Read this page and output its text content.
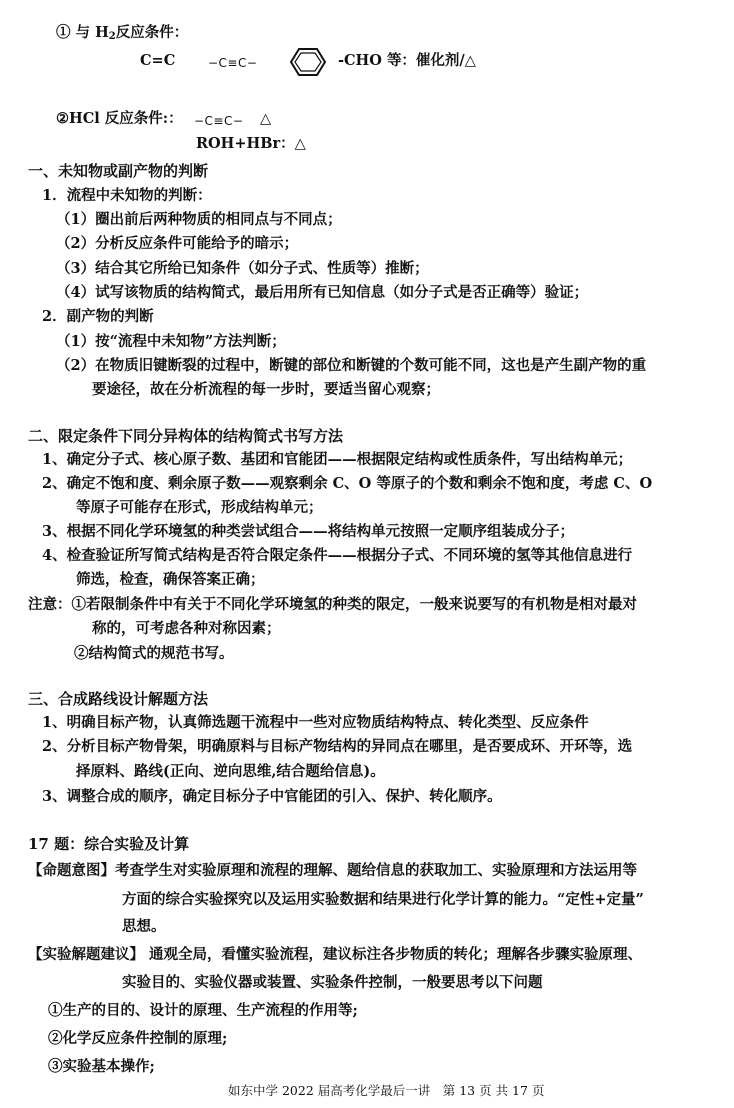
① 与 $H_2$反应条件：
C=C	−C≡C−	-CHO 等：催化剂/△
②HCl 反应条件:： −C≡C− △
ROH+HBr：△
一、未知物或副产物的判断
1．流程中未知物的判断：
（1）圈出前后两种物质的相同点与不同点；
（2）分析反应条件可能给予的暗示；
（3）结合其它所给已知条件（如分子式、性质等）推断；
（4）试写该物质的结构简式，最后用所有已知信息（如分子式是否正确等）验证；
2．副产物的判断
（1）按“流程中未知物”方法判断；
（2）在物质旧键断裂的过程中，断键的部位和断键的个数可能不同，这也是产生副产物的重
要途径，故在分析流程的每一步时，要适当留心观察；
二、限定条件下同分异构体的结构简式书写方法
1、确定分子式、核心原子数、基团和官能团——根据限定结构或性质条件，写出结构单元；
2、确定不饱和度、剩余原子数——观察剩余 C、O 等原子的个数和剩余不饱和度，考虑 C、O
等原子可能存在形式，形成结构单元；
3、根据不同化学环境氢的种类尝试组合——将结构单元按照一定顺序组装成分子；
4、检查验证所写简式结构是否符合限定条件——根据分子式、不同环境的氢等其他信息进行
筛选，检查，确保答案正确；
注意：①若限制条件中有关于不同化学环境氢的种类的限定，一般来说要写的有机物是相对最对
称的，可考虑各种对称因素；
②结构简式的规范书写。
三、合成路线设计解题方法
1、明确目标产物，认真筛选题干流程中一些对应物质结构特点、转化类型、反应条件
2、分析目标产物骨架，明确原料与目标产物结构的异同点在哪里，是否要成环、开环等，选
择原料、路线(正向、逆向思维,结合题给信息)。
3、调整合成的顺序，确定目标分子中官能团的引入、保护、转化顺序。
17 题：综合实验及计算
【命题意图】考查学生对实验原理和流程的理解、题给信息的获取加工、实验原理和方法运用等
方面的综合实验探究以及运用实验数据和结果进行化学计算的能力。“定性+定量”
思想。
【实验解题建议】 通观全局，看懂实验流程，建议标注各步物质的转化；理解各步骤实验原理、
实验目的、实验仪器或装置、实验条件控制，一般要思考以下问题
①生产的目的、设计的原理、生产流程的作用等;
②化学反应条件控制的原理;
③实验基本操作;
如东中学 2022 届高考化学最后一讲　第 13 页 共 17 页
